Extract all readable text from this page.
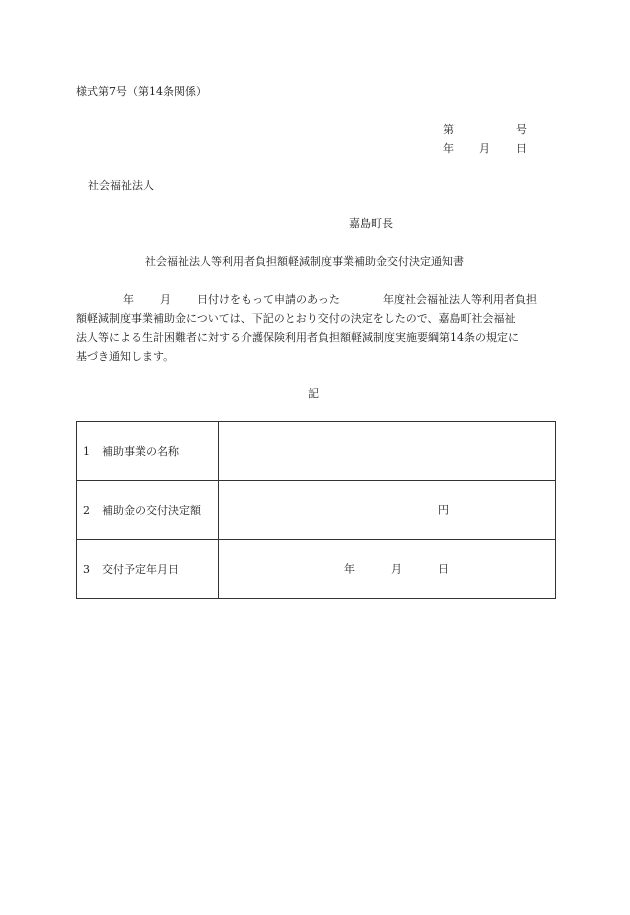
様式第7号（第14条関係）
第	号
年 月 日
社会福祉法人
嘉島町長
社会福祉法人等利用者負担額軽減制度事業補助金交付決定通知書
年 月 日付けをもって申請のあった	年度社会福祉法人等利用者負担
額軽減制度事業補助金については、下記のとおり交付の決定をしたので、嘉島町社会福祉
法人等による生計困難者に対する介護保険利用者負担額軽減制度実施要綱第14条の規定に
基づき通知します。
記
1 補助事業の名称	
2 補助金の交付決定額	円

3 交付予定年月日	年 月 日
